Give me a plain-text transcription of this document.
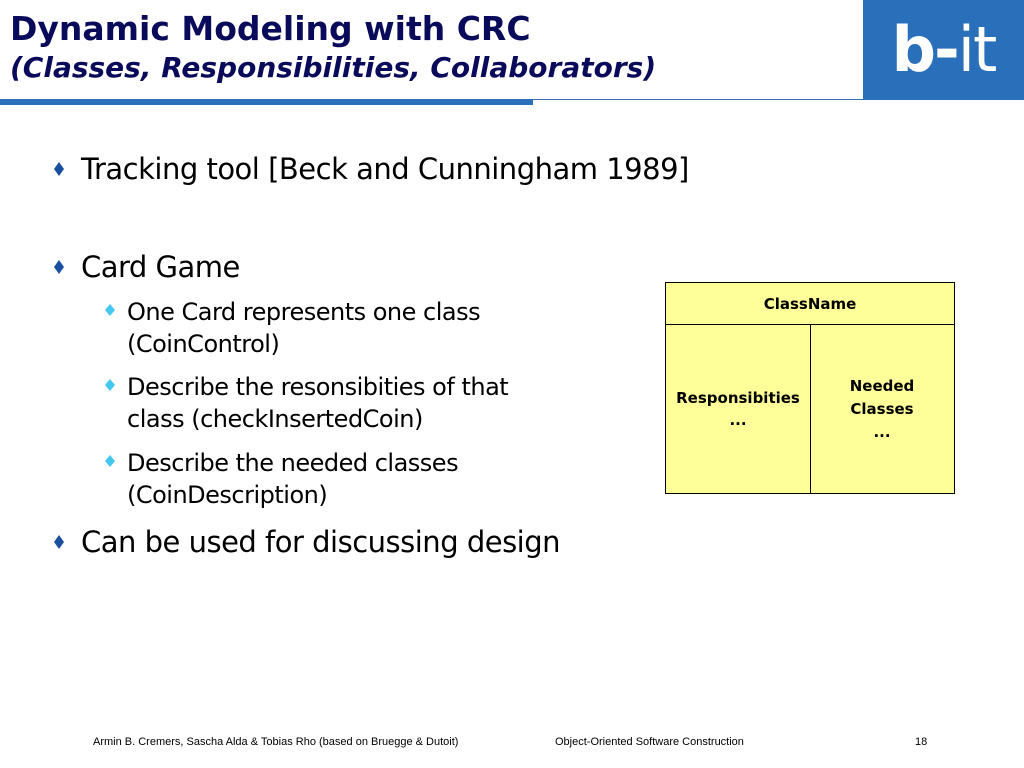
Dynamic Modeling with CRC
(Classes, Responsibilities, Collaborators)	b-it
Tracking tool [Beck and Cunningham 1989]
Card Game
One Card represents one class
(CoinControl)
Describe the resonsibities of that
class (checkInsertedCoin)
Describe the needed classes
(CoinDescription)
Can be used for discussing design
ClassName
Responsibities
...
Needed
Classes
...
Armin B. Cremers, Sascha Alda & Tobias Rho (based on Bruegge & Dutoit)	Object-Oriented Software Construction	18
